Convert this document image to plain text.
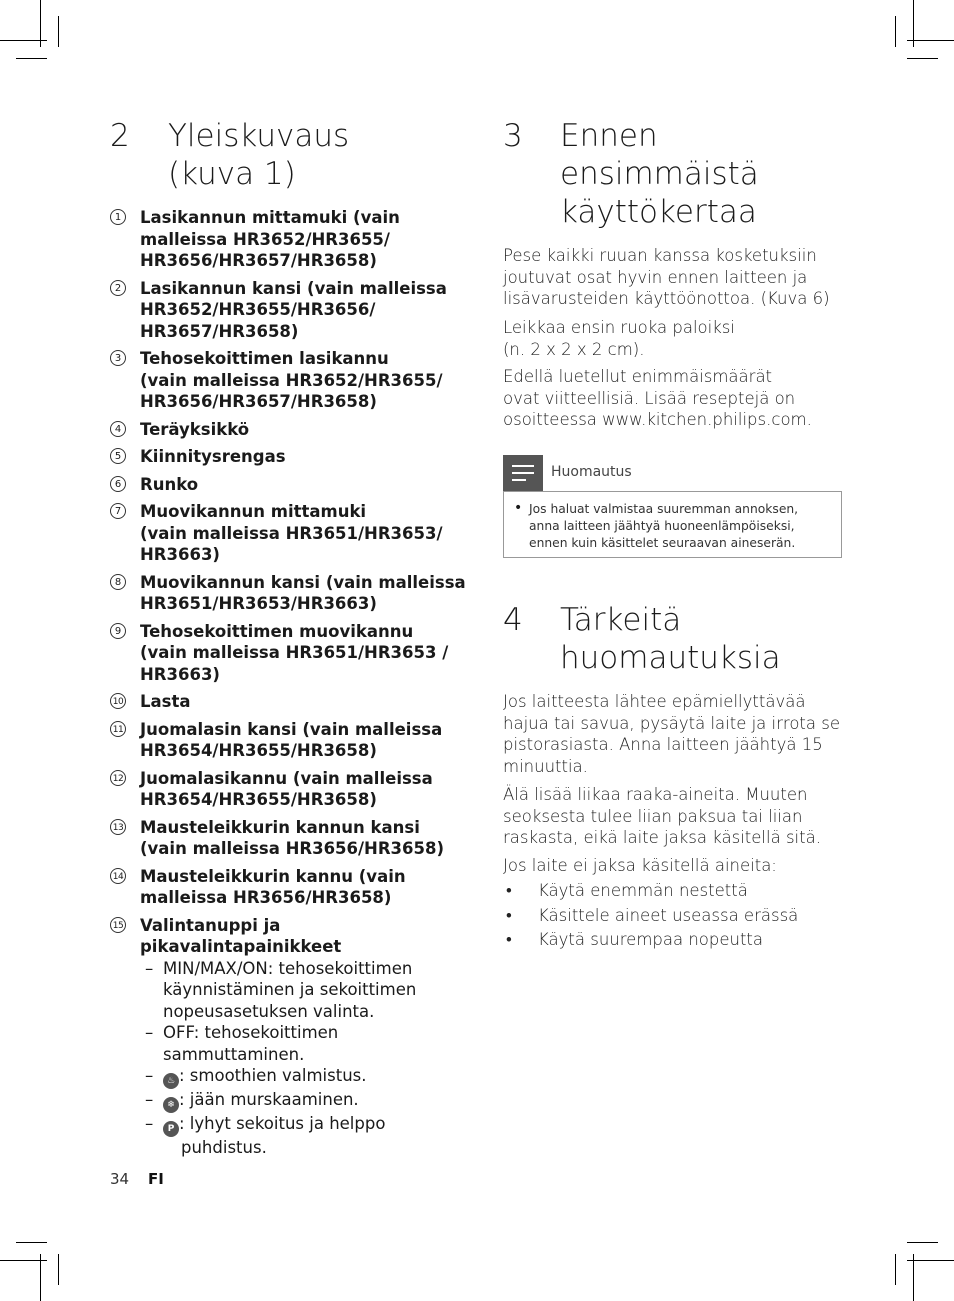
2 Yleiskuvaus
(kuva 1)
1 Lasikannun mittamuki (vain
malleissa HR3652/HR3655/
HR3656/HR3657/HR3658)
2 Lasikannun kansi (vain malleissa
HR3652/HR3655/HR3656/
HR3657/HR3658)
3 Tehosekoittimen lasikannu
(vain malleissa HR3652/HR3655/
HR3656/HR3657/HR3658)
4 Teräyksikkö
5 Kiinnitysrengas
6 Runko
7 Muovikannun mittamuki
(vain malleissa HR3651/HR3653/
HR3663)
8 Muovikannun kansi (vain malleissa
HR3651/HR3653/HR3663)
9 Tehosekoittimen muovikannu
(vain malleissa HR3651/HR3653 /
HR3663)
10 Lasta
11 Juomalasin kansi (vain malleissa
HR3654/HR3655/HR3658)
12 Juomalasikannu (vain malleissa
HR3654/HR3655/HR3658)
13 Mausteleikkurin kannun kansi
(vain malleissa HR3656/HR3658)
14 Mausteleikkurin kannu (vain
malleissa HR3656/HR3658)
15 Valintanuppi ja
pikavalintapainikkeet
– MIN/MAX/ON: tehosekoittimen
käynnistäminen ja sekoittimen
nopeusasetuksen valinta.
– OFF: tehosekoittimen
sammuttaminen.
–	♨ : smoothien valmistus.
–	❄ : jään murskaaminen.
–	P : lyhyt sekoitus ja helppo
puhdistus.
3 Ennen
ensimmäistä
käyttökertaa
Pese kaikki ruuan kanssa kosketuksiin
joutuvat osat hyvin ennen laitteen ja
lisävarusteiden käyttöönottoa. (Kuva 6)
Leikkaa ensin ruoka paloiksi
(n. 2 x 2 x 2 cm).
Edellä luetellut enimmäismäärät
ovat viitteellisiä. Lisää reseptejä on
osoitteessa www.kitchen.philips.com.
Huomautus
• Jos haluat valmistaa suuremman annoksen,
anna laitteen jäähtyä huoneenlämpöiseksi,
ennen kuin käsittelet seuraavan aineserän.
4 Tärkeitä
huomautuksia
Jos laitteesta lähtee epämiellyttävää
hajua tai savua, pysäytä laite ja irrota se
pistorasiasta. Anna laitteen jäähtyä 15
minuuttia.
Älä lisää liikaa raaka-aineita. Muuten
seoksesta tulee liian paksua tai liian
raskasta, eikä laite jaksa käsitellä sitä.
Jos laite ei jaksa käsitellä aineita:
• Käytä enemmän nestettä
• Käsittele aineet useassa erässä
• Käytä suurempaa nopeutta
34 FI
